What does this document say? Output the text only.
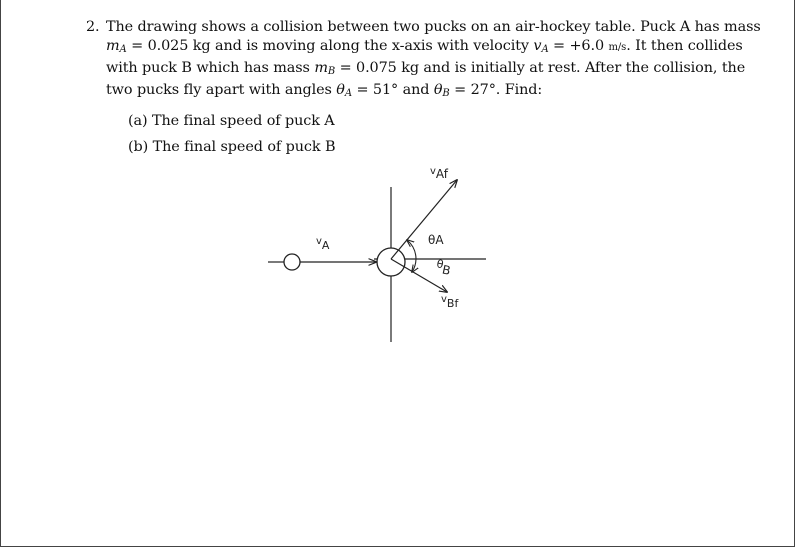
2. The drawing shows a collision between two pucks on an air-hockey table. Puck A has mass
$m_A = 0.025$ kg and is moving along the x-axis with velocity $v_A = +6.0$ m/s. It then collides
with puck B which has mass $m_B = 0.075$ kg and is initially at rest. After the collision, the
two pucks fly apart with angles $\theta_A = 51^\circ$ and $\theta_B = 27^\circ$. Find:
(a) The final speed of puck A
(b) The final speed of puck B
vAf
vA	θA
θB
vBf
